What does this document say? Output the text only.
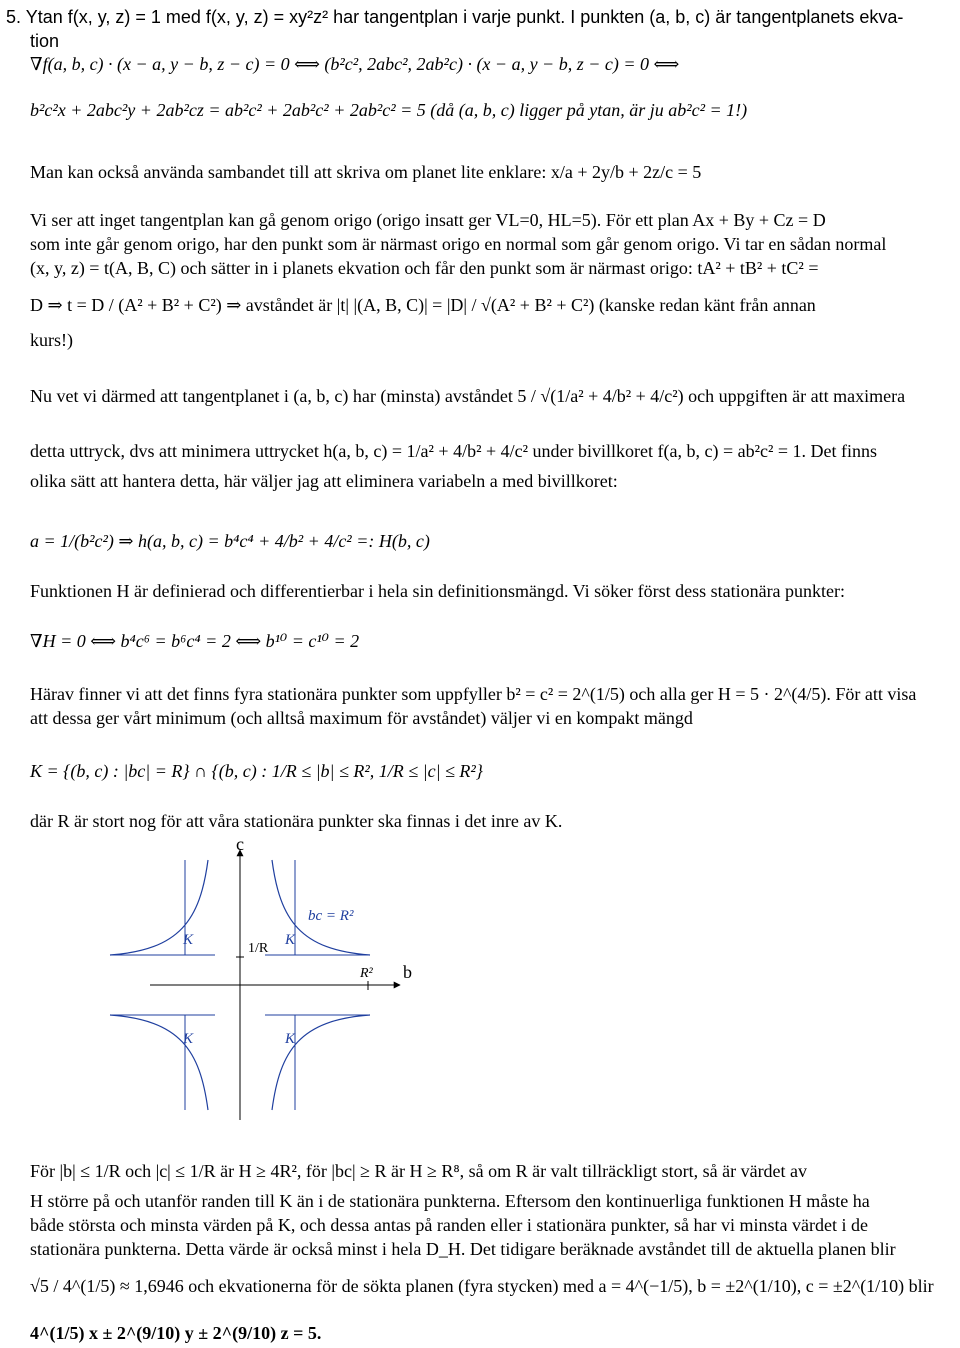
5. Ytan f(x, y, z) = 1 med f(x, y, z) = xy²z² har tangentplan i varje punkt. I punkten (a, b, c) är tangentplanets ekva-
tion
∇f(a, b, c) · (x − a, y − b, z − c) = 0 ⟺ (b²c², 2abc², 2ab²c) · (x − a, y − b, z − c) = 0 ⟺
b²c²x + 2abc²y + 2ab²cz = ab²c² + 2ab²c² + 2ab²c² = 5 (då (a, b, c) ligger på ytan, är ju ab²c² = 1!)
Man kan också använda sambandet till att skriva om planet lite enklare: x/a + 2y/b + 2z/c = 5
Vi ser att inget tangentplan kan gå genom origo (origo insatt ger VL=0, HL=5). För ett plan Ax + By + Cz = D
som inte går genom origo, har den punkt som är närmast origo en normal som går genom origo. Vi tar en sådan normal
(x, y, z) = t(A, B, C) och sätter in i planets ekvation och får den punkt som är närmast origo: tA² + tB² + tC² =
D ⇒ t = D / (A² + B² + C²) ⇒ avståndet är |t| |(A, B, C)| = |D| / √(A² + B² + C²) (kanske redan känt från annan
kurs!)
Nu vet vi därmed att tangentplanet i (a, b, c) har (minsta) avståndet 5 / √(1/a² + 4/b² + 4/c²) och uppgiften är att maximera
detta uttryck, dvs att minimera uttrycket h(a, b, c) = 1/a² + 4/b² + 4/c² under bivillkoret f(a, b, c) = ab²c² = 1. Det finns
olika sätt att hantera detta, här väljer jag att eliminera variabeln a med bivillkoret:
a = 1/(b²c²) ⇒ h(a, b, c) = b⁴c⁴ + 4/b² + 4/c² =: H(b, c)
Funktionen H är definierad och differentierbar i hela sin definitionsmängd. Vi söker först dess stationära punkter:
∇H = 0 ⟺ b⁴c⁶ = b⁶c⁴ = 2 ⟺ b¹⁰ = c¹⁰ = 2
Härav finner vi att det finns fyra stationära punkter som uppfyller b² = c² = 2^(1/5) och alla ger H = 5 · 2^(4/5). För att visa
att dessa ger vårt minimum (och alltså maximum för avståndet) väljer vi en kompakt mängd
K = {(b, c) : |bc| = R} ∩ {(b, c) : 1/R ≤ |b| ≤ R², 1/R ≤ |c| ≤ R²}
där R är stort nog för att våra stationära punkter ska finnas i det inre av K.
c
b
1/R
R²
K	K
K	K
bc = R²
För |b| ≤ 1/R och |c| ≤ 1/R är H ≥ 4R², för |bc| ≥ R är H ≥ R⁸, så om R är valt tillräckligt stort, så är värdet av
H större på och utanför randen till K än i de stationära punkterna. Eftersom den kontinuerliga funktionen H måste ha
både största och minsta värden på K, och dessa antas på randen eller i stationära punkter, så har vi minsta värdet i de
stationära punkterna. Detta värde är också minst i hela D_H. Det tidigare beräknade avståndet till de aktuella planen blir
√5 / 4^(1/5) ≈ 1,6946 och ekvationerna för de sökta planen (fyra stycken) med a = 4^(−1/5), b = ±2^(1/10), c = ±2^(1/10) blir
4^(1/5) x ± 2^(9/10) y ± 2^(9/10) z = 5.
